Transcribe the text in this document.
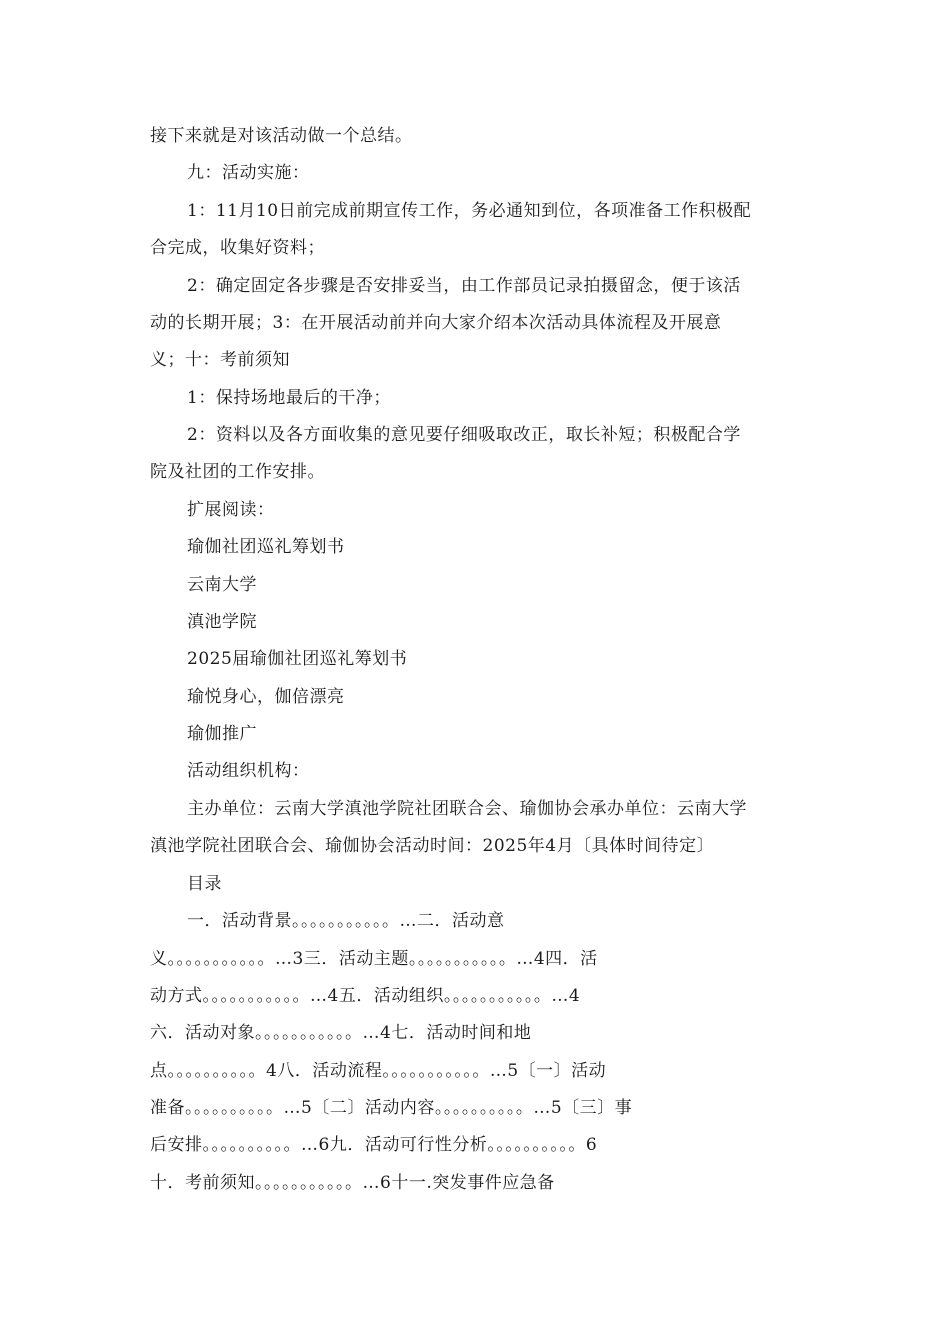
接下来就是对该活动做一个总结。
九：活动实施：
1：11月10日前完成前期宣传工作，务必通知到位，各项准备工作积极配
合完成，收集好资料；
2：确定固定各步骤是否安排妥当，由工作部员记录拍摄留念，便于该活
动的长期开展；3：在开展活动前并向大家介绍本次活动具体流程及开展意
义；十：考前须知
1：保持场地最后的干净；
2：资料以及各方面收集的意见要仔细吸取改正，取长补短；积极配合学
院及社团的工作安排。
扩展阅读：
瑜伽社团巡礼筹划书
云南大学
滇池学院
2025届瑜伽社团巡礼筹划书
瑜悦身心，伽倍漂亮
瑜伽推广
活动组织机构：
主办单位：云南大学滇池学院社团联合会、瑜伽协会承办单位：云南大学
滇池学院社团联合会、瑜伽协会活动时间：2025年4月〔具体时间待定〕
目录
一．活动背景。。。。。。。。。。。…二．活动意
义。。。。。。。。。。。…3三．活动主题。。。。。。。。。。。…4四．活
动方式。。。。。。。。。。。…4五．活动组织。。。。。。。。。。。…4
六．活动对象。。。。。。。。。。。…4七．活动时间和地
点。。。。。。。。。。4八．活动流程。。。。。。。。。。。…5〔一〕活动
准备。。。。。。。。。。…5〔二〕活动内容。。。。。。。。。。…5〔三〕事
后安排。。。。。。。。。。…6九．活动可行性分析。。。。。。。。。。6
十．考前须知。。。。。。。。。。。…6十一.突发事件应急备
